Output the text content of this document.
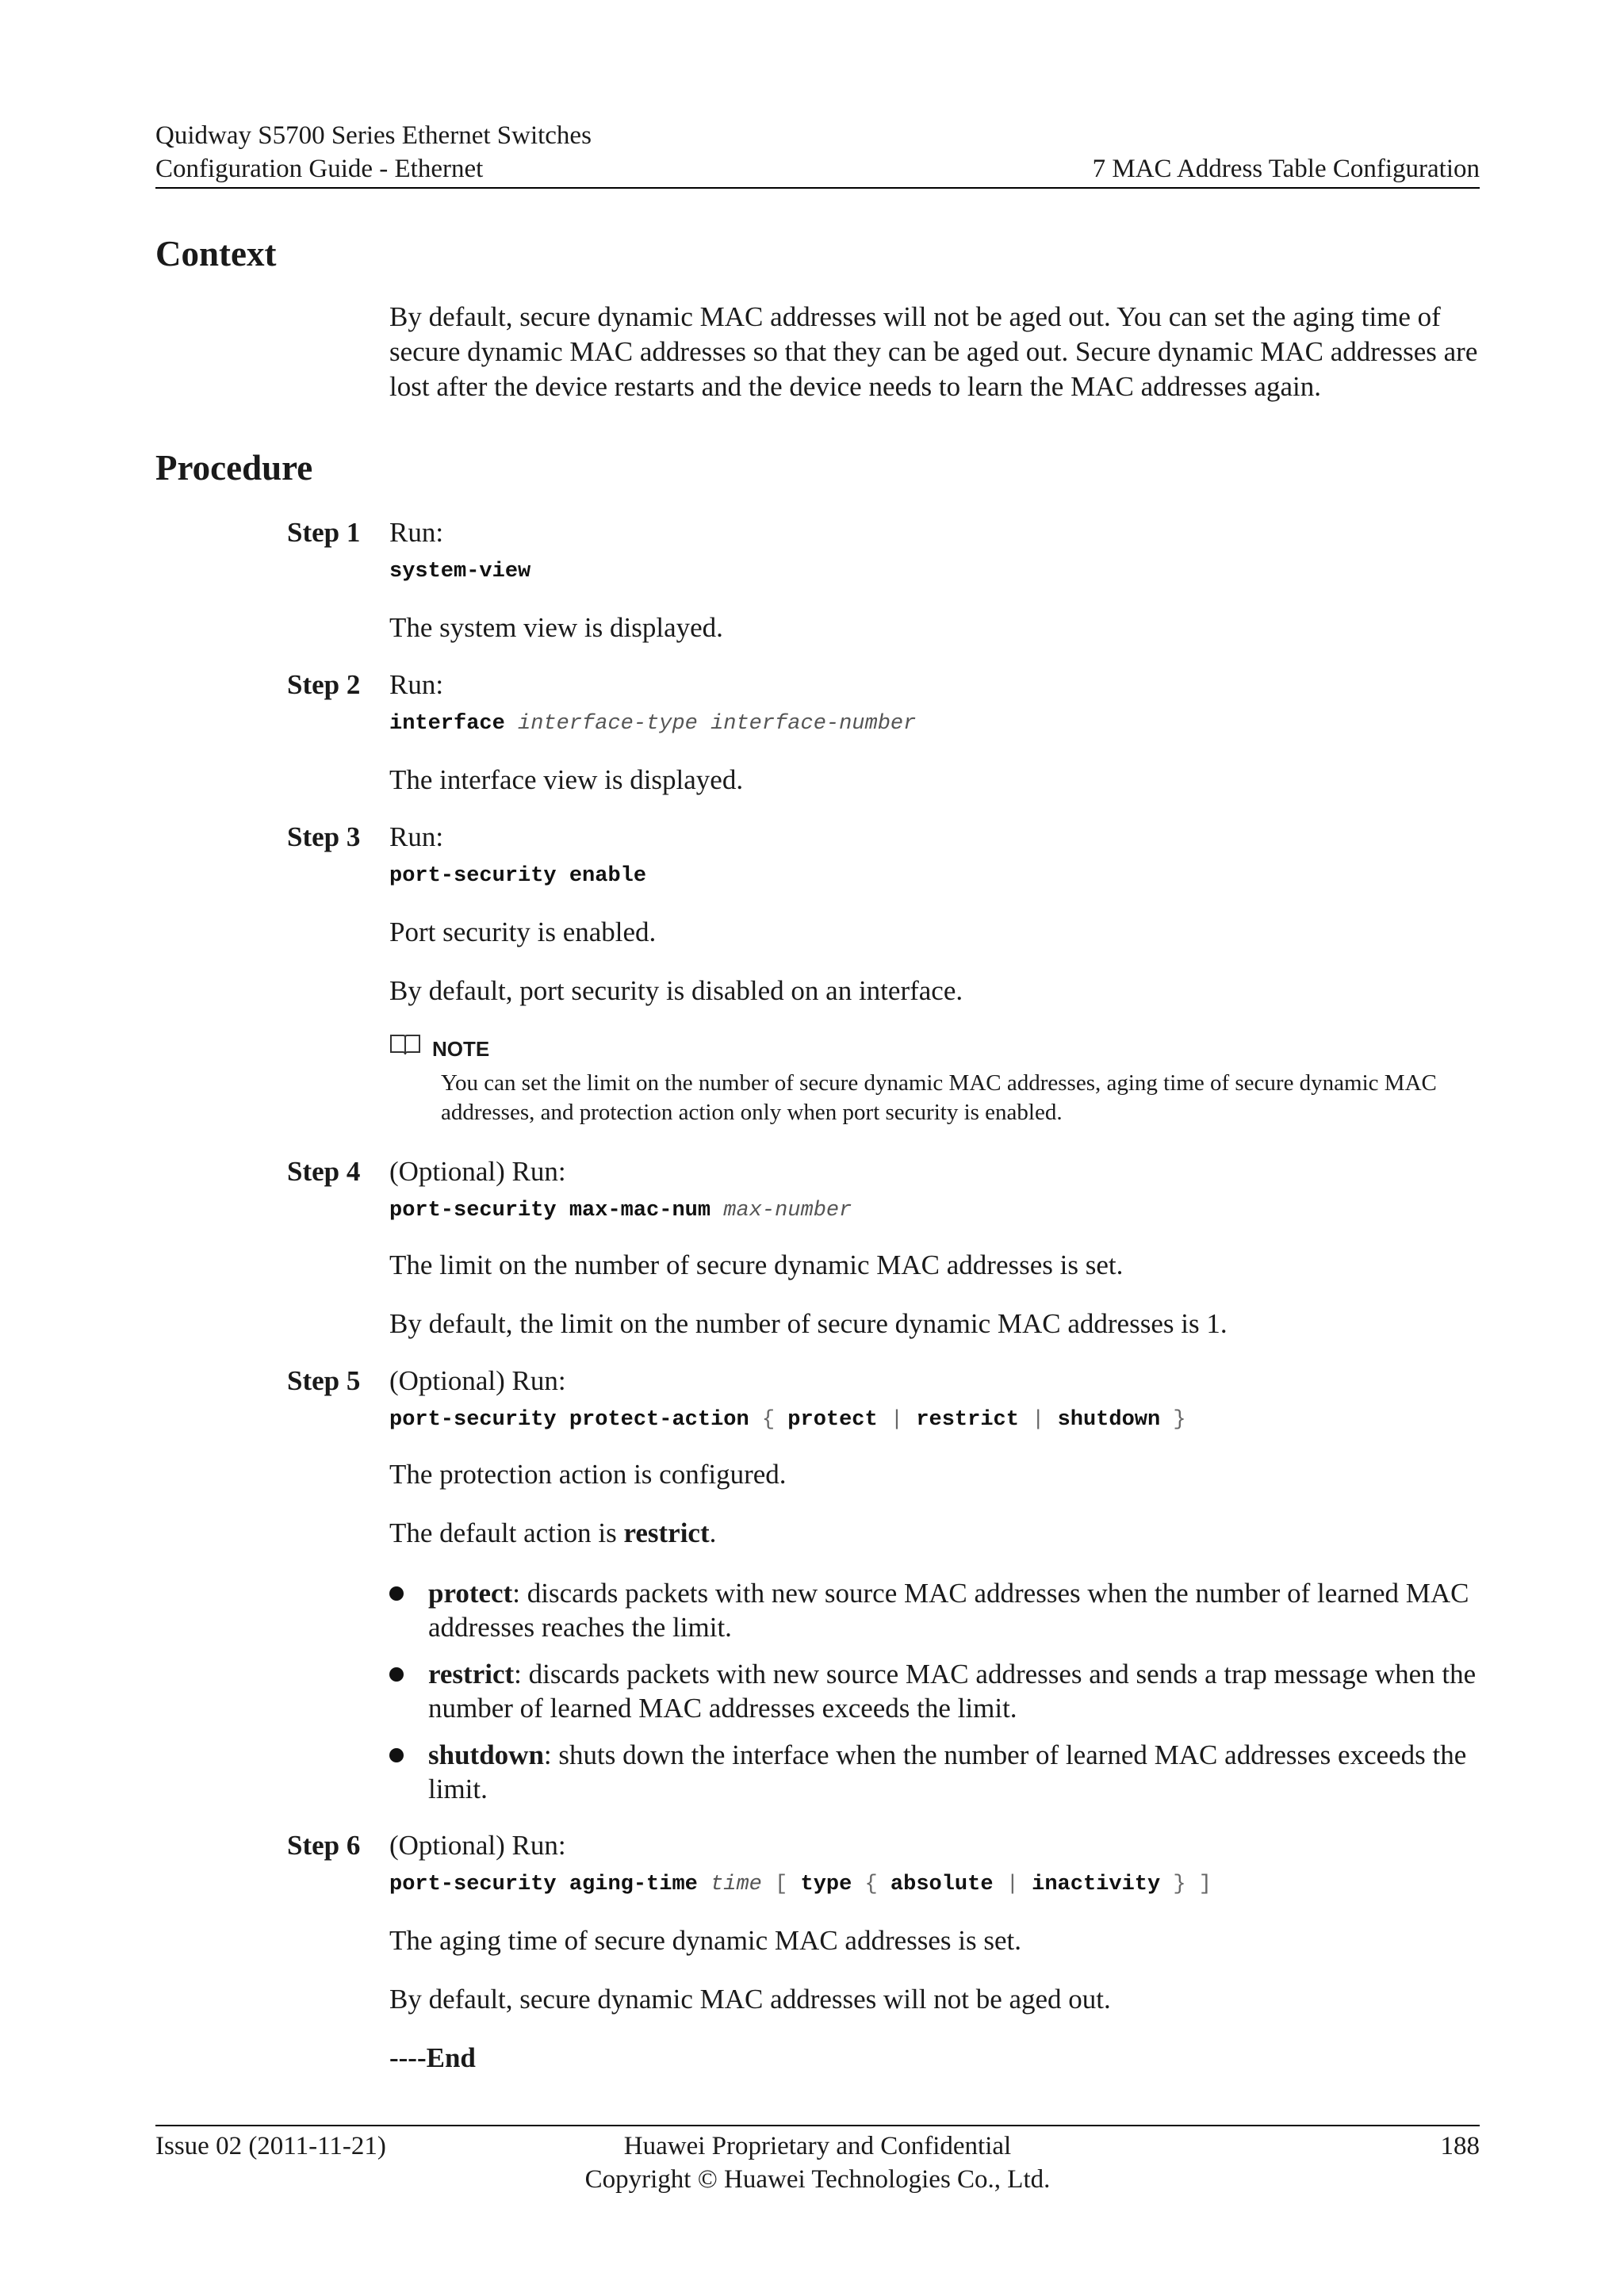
Quidway S5700 Series Ethernet Switches
Configuration Guide - Ethernet	7 MAC Address Table Configuration
Context

By default, secure dynamic MAC addresses will not be aged out. You can set the aging time of secure dynamic MAC addresses so that they can be aged out. Secure dynamic MAC addresses are lost after the device restarts and the device needs to learn the MAC addresses again.

Procedure
Step 1 Run:
system-view
The system view is displayed.
Step 2 Run:
interface interface-type interface-number
The interface view is displayed.
Step 3 Run:
port-security enable
Port security is enabled.
By default, port security is disabled on an interface.
NOTE
You can set the limit on the number of secure dynamic MAC addresses, aging time of secure dynamic MAC addresses, and protection action only when port security is enabled.
Step 4 (Optional) Run:
port-security max-mac-num max-number
The limit on the number of secure dynamic MAC addresses is set.
By default, the limit on the number of secure dynamic MAC addresses is 1.
Step 5 (Optional) Run:
port-security protect-action { protect | restrict | shutdown }
The protection action is configured.
The default action is restrict.
protect: discards packets with new source MAC addresses when the number of learned MAC addresses reaches the limit.
restrict: discards packets with new source MAC addresses and sends a trap message when the number of learned MAC addresses exceeds the limit.
shutdown: shuts down the interface when the number of learned MAC addresses exceeds the limit.
Step 6 (Optional) Run:
port-security aging-time time [ type { absolute | inactivity } ]
The aging time of secure dynamic MAC addresses is set.
By default, secure dynamic MAC addresses will not be aged out.
----End
Issue 02 (2011-11-21)	Huawei Proprietary and Confidential
Copyright © Huawei Technologies Co., Ltd.
188
